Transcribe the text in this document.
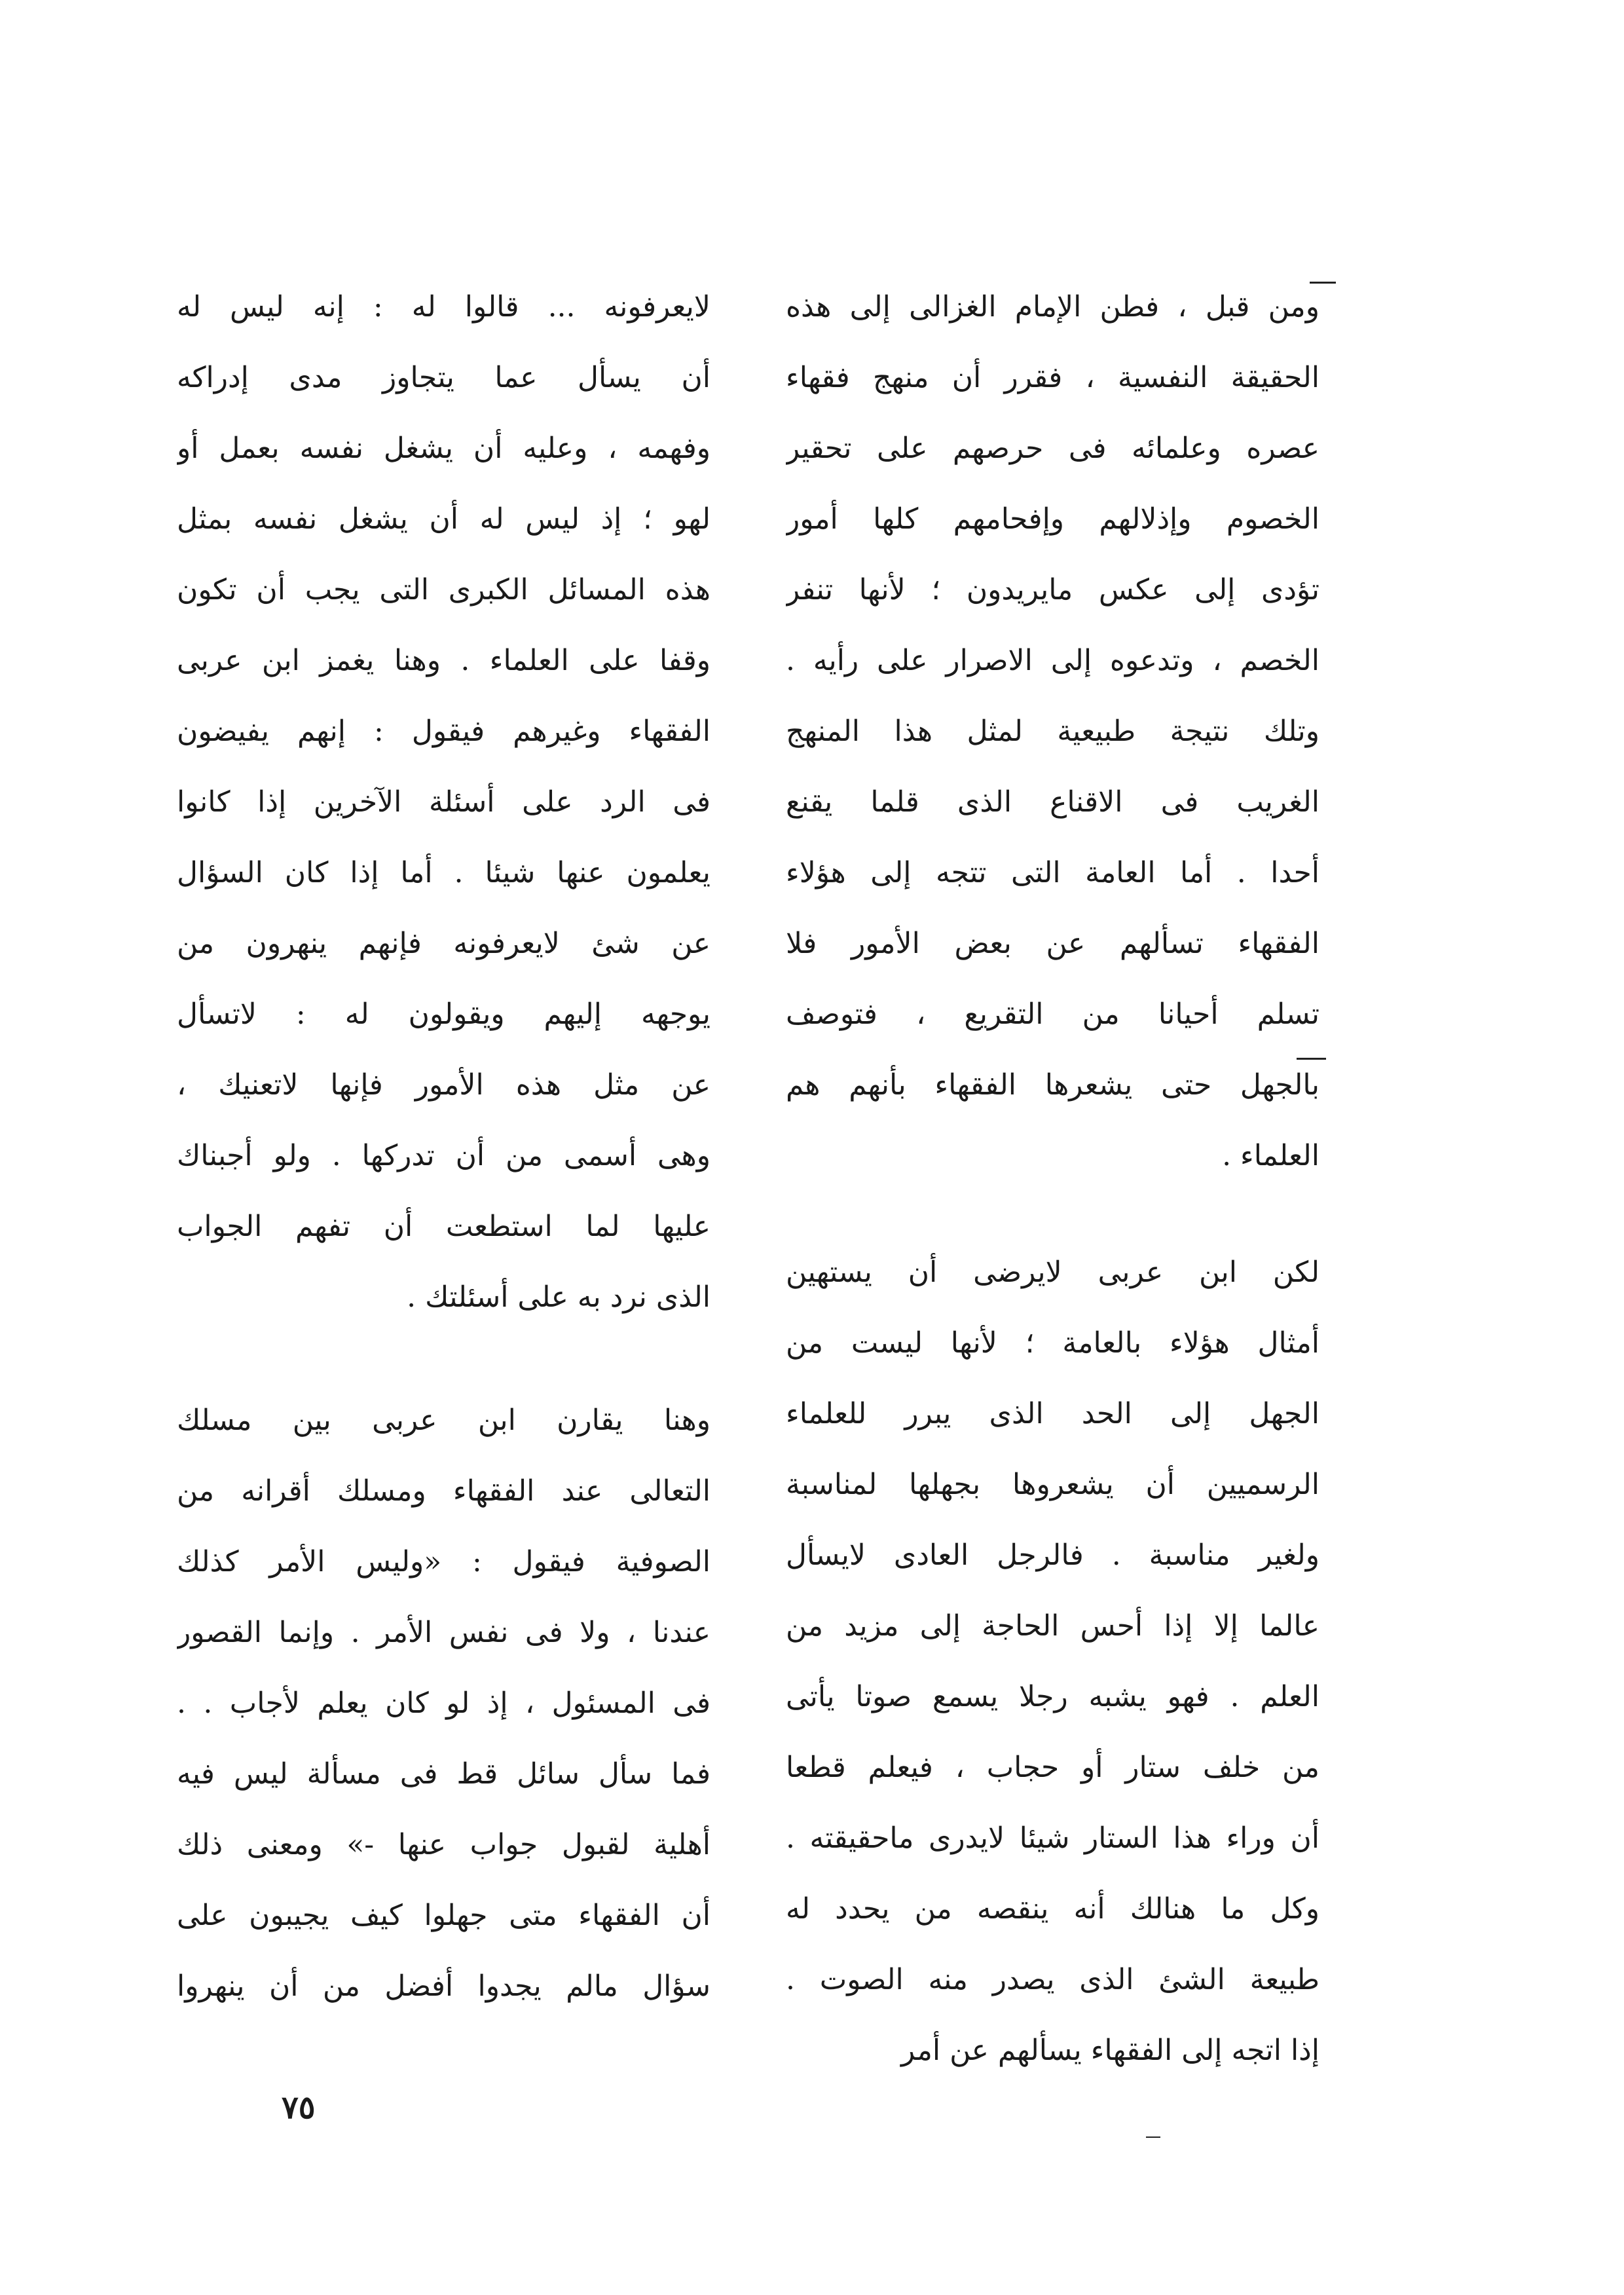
ومن قبل ، فطن الإمام الغزالى إلى هذه
الحقيقة النفسية ، فقرر أن منهج فقهاء
عصره وعلمائه فى حرصهم على تحقير
الخصوم وإذلالهم وإفحامهم كلها أمور
تؤدى إلى عكس مايريدون ؛ لأنها تنفر
الخصم ، وتدعوه إلى الاصرار على رأيه .
وتلك نتيجة طبيعية لمثل هذا المنهج
الغريب فى الاقناع الذى قلما يقنع
أحدا . أما العامة التى تتجه إلى هؤلاء
الفقهاء تسألهم عن بعض الأمور فلا
تسلم أحيانا من التقريع ، فتوصف
بالجهل حتى يشعرها الفقهاء بأنهم هم
العلماء .

لكن ابن عربى لايرضى أن يستهين
أمثال هؤلاء بالعامة ؛ لأنها ليست من
الجهل إلى الحد الذى يبرر للعلماء
الرسميين أن يشعروها بجهلها لمناسبة
ولغير مناسبة . فالرجل العادى لايسأل
عالما إلا إذا أحس الحاجة إلى مزيد من
العلم . فهو يشبه رجلا يسمع صوتا يأتى
من خلف ستار أو حجاب ، فيعلم قطعا
أن وراء هذا الستار شيئا لايدرى ماحقيقته .
وكل ما هنالك أنه ينقصه من يحدد له
طبيعة الشئ الذى يصدر منه الصوت .
إذا اتجه إلى الفقهاء يسألهم عن أمر

لايعرفونه ... قالوا له : إنه ليس له
أن يسأل عما يتجاوز مدى إدراكه
وفهمه ، وعليه أن يشغل نفسه بعمل أو
لهو ؛ إذ ليس له أن يشغل نفسه بمثل
هذه المسائل الكبرى التى يجب أن تكون
وقفا على العلماء . وهنا يغمز ابن عربى
الفقهاء وغيرهم فيقول : إنهم يفيضون
فى الرد على أسئلة الآخرين إذا كانوا
يعلمون عنها شيئا . أما إذا كان السؤال
عن شئ لايعرفونه فإنهم ينهرون من
يوجهه إليهم ويقولون له : لاتسأل
عن مثل هذه الأمور فإنها لاتعنيك ،
وهى أسمى من أن تدركها . ولو أجبناك
عليها لما استطعت أن تفهم الجواب
الذى نرد به على أسئلتك .

وهنا يقارن ابن عربى بين مسلك
التعالى عند الفقهاء ومسلك أقرانه من
الصوفية فيقول : «وليس الأمر كذلك
عندنا ، ولا فى نفس الأمر . وإنما القصور
فى المسئول ، إذ لو كان يعلم لأجاب . .
فما سأل سائل قط فى مسألة ليس فيه
أهلية لقبول جواب عنها -» ومعنى ذلك
أن الفقهاء متى جهلوا كيف يجيبون على
سؤال مالم يجدوا أفضل من أن ينهروا

٧٥
